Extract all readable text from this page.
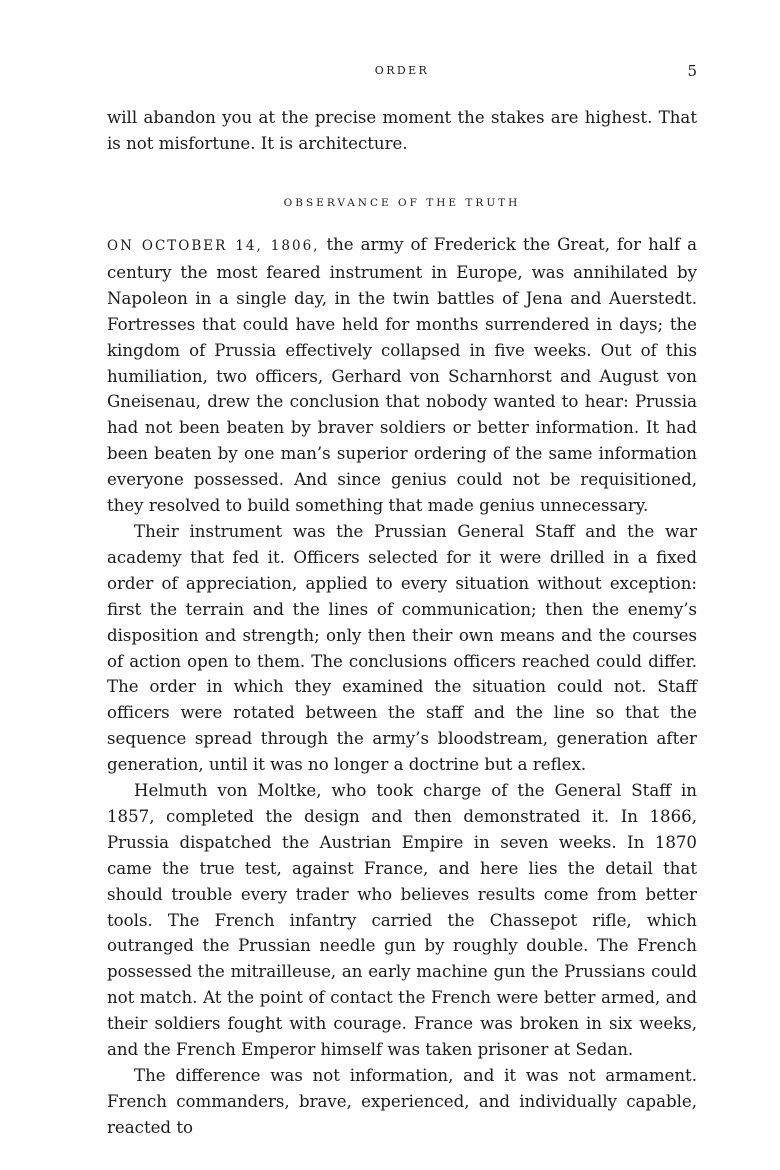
ORDER	5

will abandon you at the precise moment the stakes are highest. That is not misfortune. It is architecture.

OBSERVANCE OF THE TRUTH

ON OCTOBER 14, 1806, the army of Frederick the Great, for half a century the most feared instrument in Europe, was annihilated by Napoleon in a single day, in the twin battles of Jena and Auerstedt. Fortresses that could have held for months surrendered in days; the kingdom of Prussia effectively collapsed in five weeks. Out of this humiliation, two officers, Gerhard von Scharnhorst and August von Gneisenau, drew the conclusion that nobody wanted to hear: Prussia had not been beaten by braver soldiers or better information. It had been beaten by one man’s superior ordering of the same information everyone possessed. And since genius could not be requisitioned, they resolved to build something that made genius unnecessary.

Their instrument was the Prussian General Staff and the war academy that fed it. Officers selected for it were drilled in a fixed order of appreciation, applied to every situation without exception: first the terrain and the lines of communication; then the enemy’s disposition and strength; only then their own means and the courses of action open to them. The conclusions officers reached could differ. The order in which they examined the situation could not. Staff officers were rotated between the staff and the line so that the sequence spread through the army’s bloodstream, generation after generation, until it was no longer a doctrine but a reflex.

Helmuth von Moltke, who took charge of the General Staff in 1857, completed the design and then demonstrated it. In 1866, Prussia dispatched the Austrian Empire in seven weeks. In 1870 came the true test, against France, and here lies the detail that should trouble every trader who believes results come from better tools. The French infantry carried the Chassepot rifle, which outranged the Prussian needle gun by roughly double. The French possessed the mitrailleuse, an early machine gun the Prussians could not match. At the point of contact the French were better armed, and their soldiers fought with courage. France was broken in six weeks, and the French Emperor himself was taken prisoner at Sedan.

The difference was not information, and it was not armament. French commanders, brave, experienced, and individually capable, reacted to
